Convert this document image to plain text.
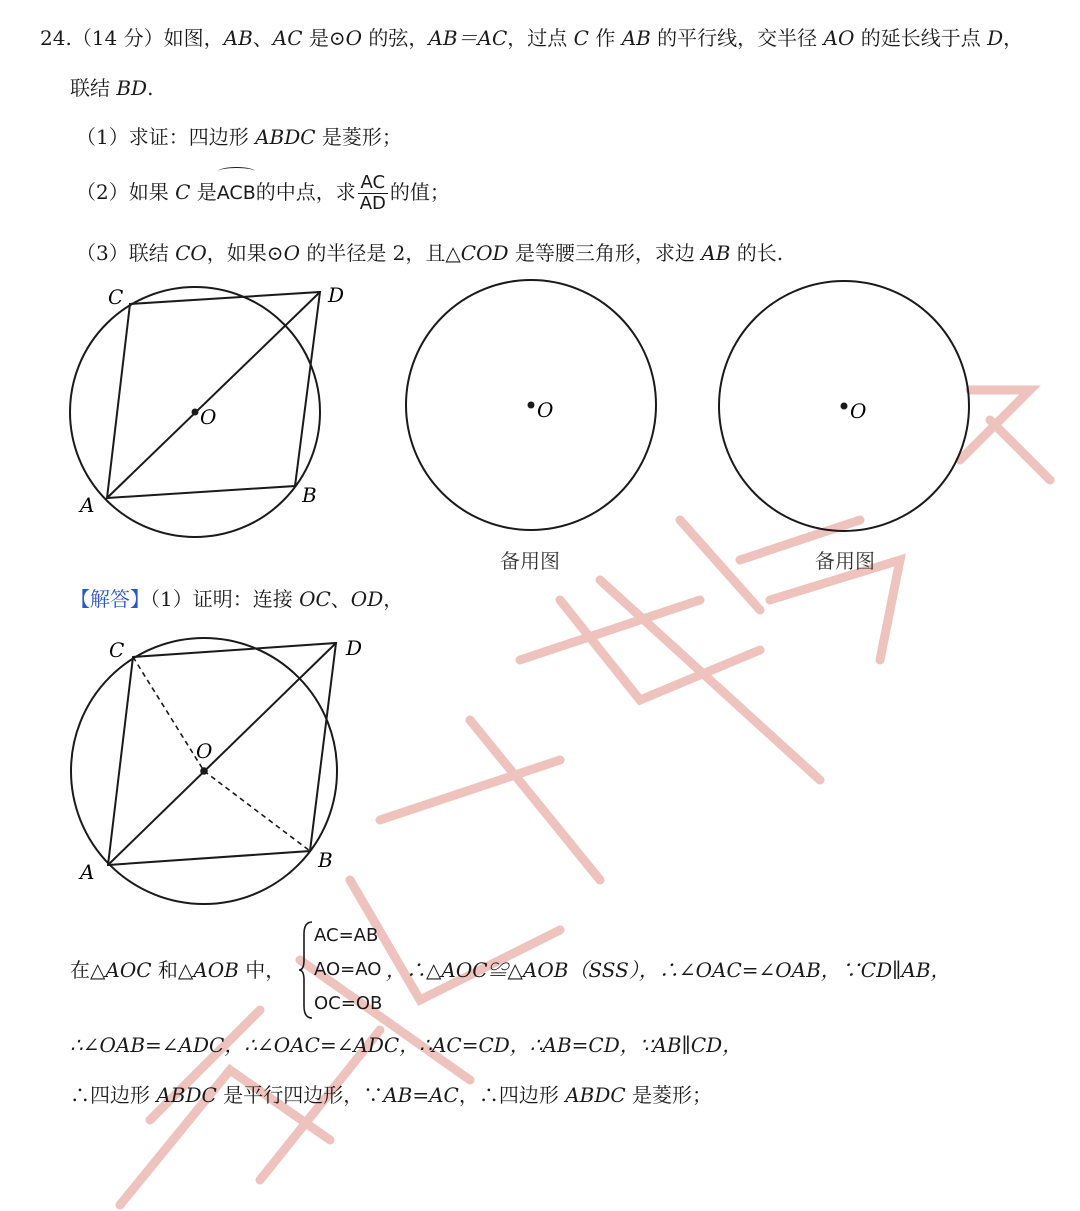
24.（14 分）如图，AB、AC 是⊙O 的弦，AB＝AC，过点 C 作 AB 的平行线，交半径 AO 的延长线于点 D，
联结 BD.
（1）求证：四边形 ABDC 是菱形；
（2）如果 C 是ACB的中点，求 $\frac{AC}{AD}$ 的值；
（3）联结 CO，如果⊙O 的半径是 2，且△COD 是等腰三角形，求边 AB 的长.
O
C	D
A	B
O
备用图
O
备用图
【解答】（1）证明：连接 OC、OD，
O
C	D
A	B
在△AOC 和△AOB 中，
AC=AB
AO=AO
OC=OB
，∴△AOC≌△AOB（SSS），∴∠OAC=∠OAB，∵CD∥AB，
∴∠OAB=∠ADC，∴∠OAC=∠ADC，∴AC=CD，∴AB=CD，∵AB∥CD，
∴四边形 ABDC 是平行四边形，∵AB=AC，∴四边形 ABDC 是菱形；
